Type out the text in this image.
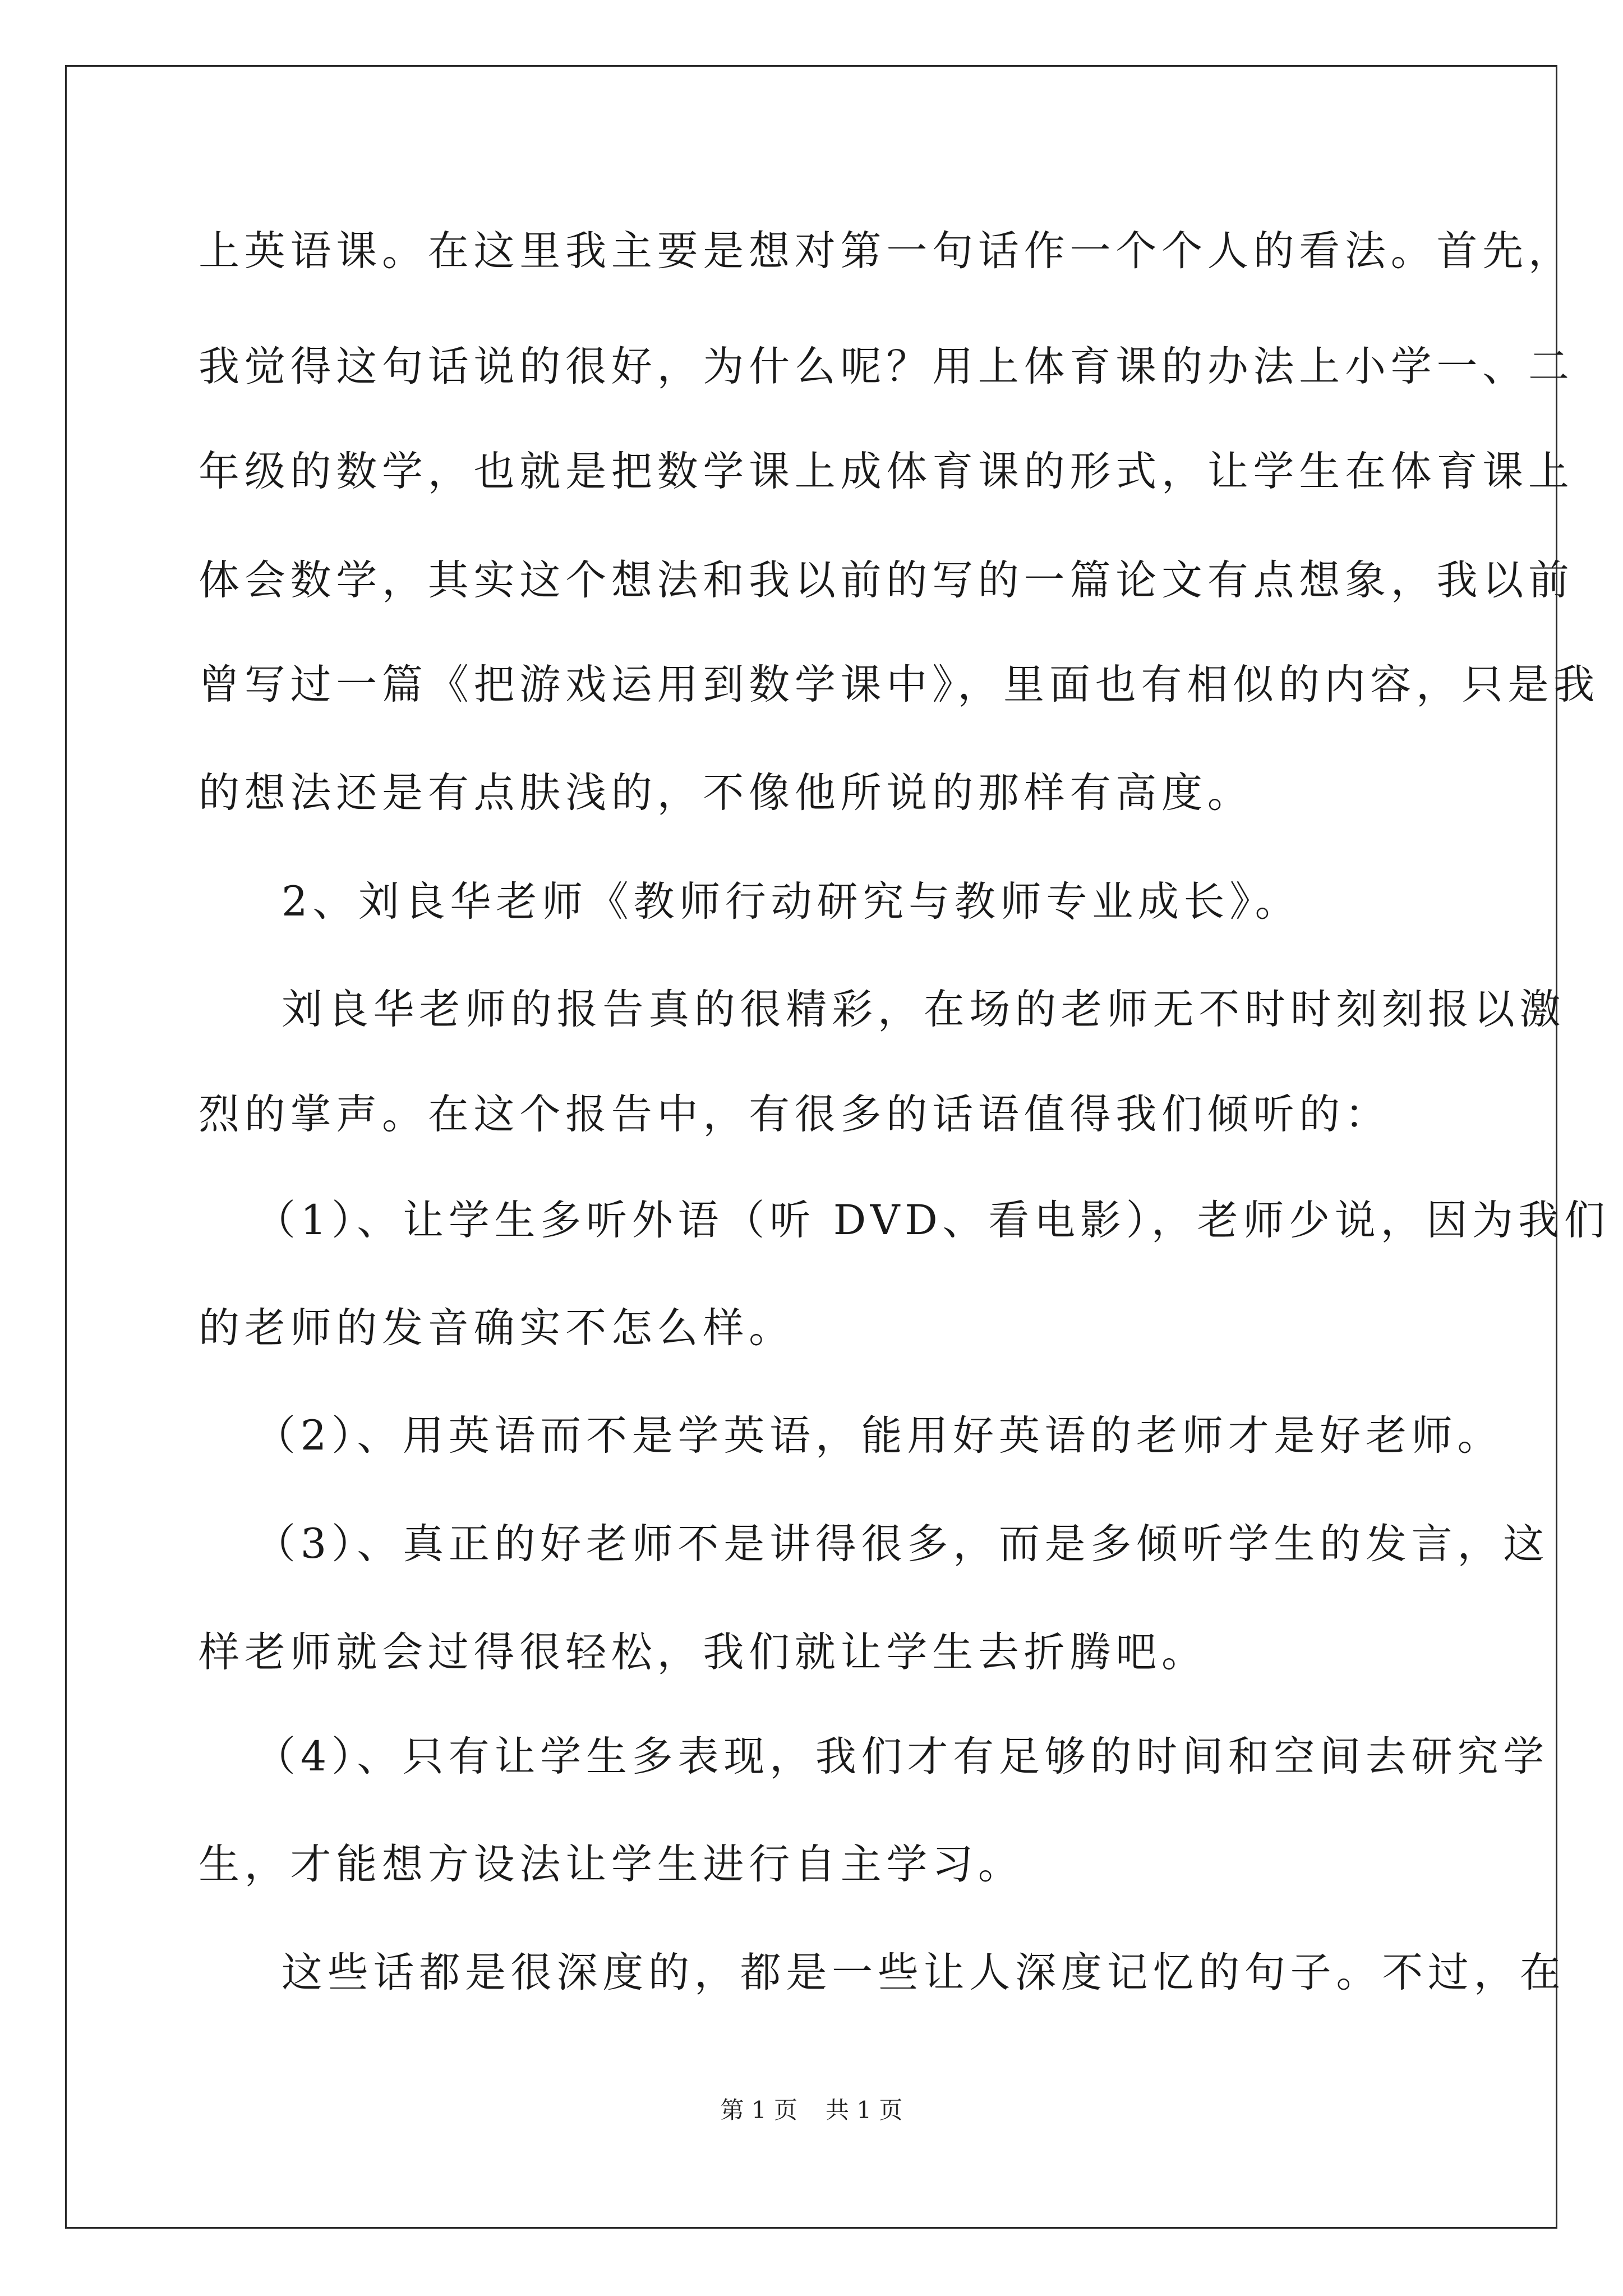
上英语课。在这里我主要是想对第一句话作一个个人的看法。首先，
我觉得这句话说的很好，为什么呢？用上体育课的办法上小学一、二
年级的数学，也就是把数学课上成体育课的形式，让学生在体育课上
体会数学，其实这个想法和我以前的写的一篇论文有点想象，我以前
曾写过一篇《把游戏运用到数学课中》，里面也有相似的内容，只是我
的想法还是有点肤浅的，不像他所说的那样有高度。
2、刘良华老师《教师行动研究与教师专业成长》。
刘良华老师的报告真的很精彩，在场的老师无不时时刻刻报以激
烈的掌声。在这个报告中，有很多的话语值得我们倾听的：
（1）、让学生多听外语（听 DVD、看电影），老师少说，因为我们
的老师的发音确实不怎么样。
（2）、用英语而不是学英语，能用好英语的老师才是好老师。
（3）、真正的好老师不是讲得很多，而是多倾听学生的发言，这
样老师就会过得很轻松，我们就让学生去折腾吧。
（4）、只有让学生多表现，我们才有足够的时间和空间去研究学
生，才能想方设法让学生进行自主学习。
这些话都是很深度的，都是一些让人深度记忆的句子。不过，在
第 1 页 共 1 页
